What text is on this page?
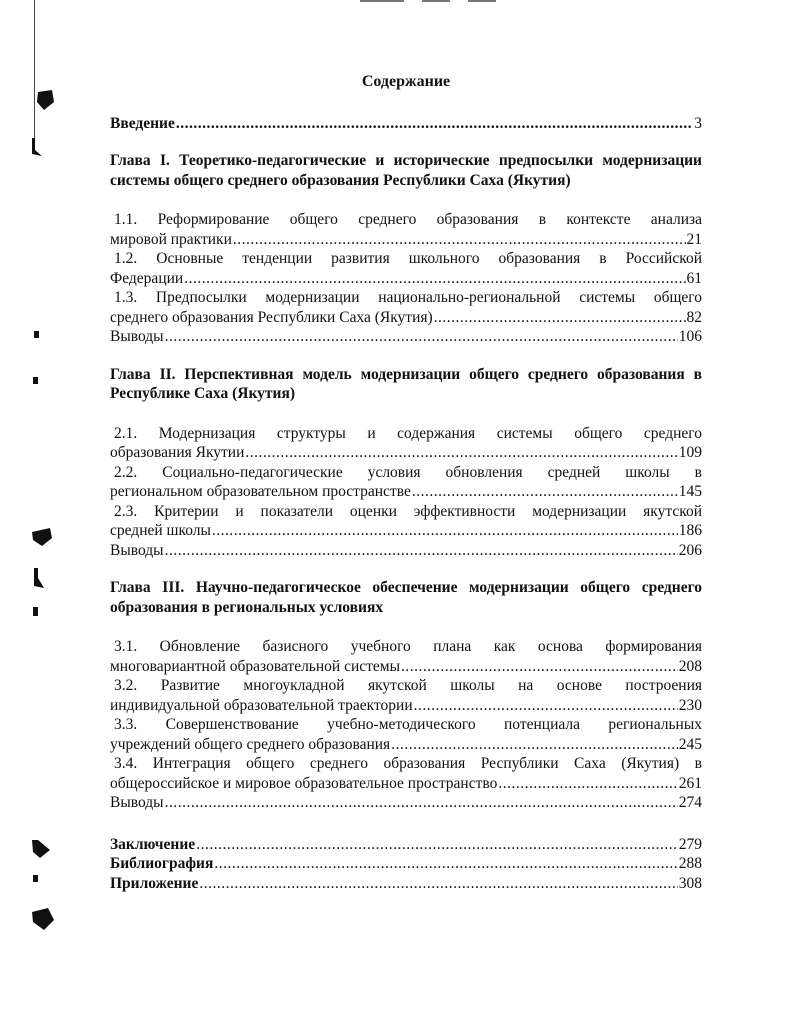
Содержание
Введение .....	3
Глава I. Теоретико-педагогические и исторические предпосылки модернизации системы общего среднего образования Республики Саха (Якутия)
1.1. Реформирование общего среднего образования в контексте анализа
мировой практики .....	21
1.2. Основные тенденции развития школьного образования в Российской
Федерации .....	61
1.3. Предпосылки модернизации национально-региональной системы общего
среднего образования Республики Саха (Якутия) .....	82
Выводы .....	106
Глава II. Перспективная модель модернизации общего среднего образования в Республике Саха (Якутия)
2.1. Модернизация структуры и содержания системы общего среднего
образования Якутии .....	109
2.2. Социально-педагогические условия обновления средней школы в
региональном образовательном пространстве .....	145
2.3. Критерии и показатели оценки эффективности модернизации якутской
средней школы .....	186
Выводы .....	206
Глава III. Научно-педагогическое обеспечение модернизации общего среднего образования в региональных условиях
3.1. Обновление базисного учебного плана как основа формирования
многовариантной образовательной системы .....	208
3.2. Развитие многоукладной якутской школы на основе построения
индивидуальной образовательной траектории .....	230
3.3. Совершенствование учебно-методического потенциала региональных
учреждений общего среднего образования .....	245
3.4. Интеграция общего среднего образования Республики Саха (Якутия) в
общероссийское и мировое образовательное пространство .....	261
Выводы .....	274
Заключение .....	279
Библиография .....	288
Приложение .....	308
